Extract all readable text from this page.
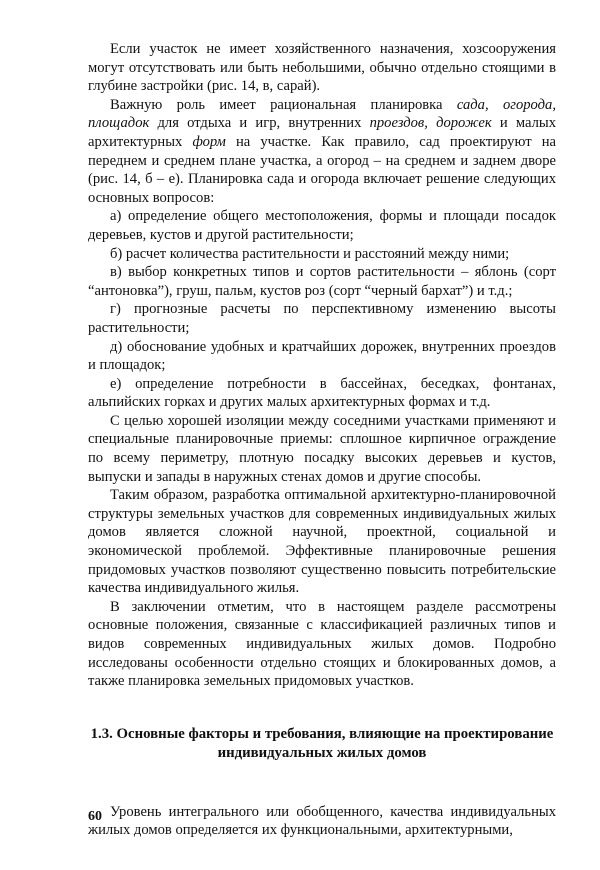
Если участок не имеет хозяйственного назначения, хозсооружения могут отсутствовать или быть небольшими, обычно отдельно стоящими в глубине застройки (рис. 14, в, сарай).

Важную роль имеет рациональная планировка сада, огорода, площадок для отдыха и игр, внутренних проездов, дорожек и малых архитектурных форм на участке. Как правило, сад проектируют на переднем и среднем плане участка, а огород – на среднем и заднем дворе (рис. 14, б – е). Планировка сада и огорода включает решение следующих основных вопросов:

а) определение общего местоположения, формы и площади посадок деревьев, кустов и другой растительности;

б) расчет количества растительности и расстояний между ними;

в) выбор конкретных типов и сортов растительности – яблонь (сорт “антоновка”), груш, пальм, кустов роз (сорт “черный бархат”) и т.д.;

г) прогнозные расчеты по перспективному изменению высоты растительности;

д) обоснование удобных и кратчайших дорожек, внутренних проездов и площадок;

е) определение потребности в бассейнах, беседках, фонтанах, альпийских горках и других малых архитектурных формах и т.д.

С целью хорошей изоляции между соседними участками применяют и специальные планировочные приемы: сплошное кирпичное ограждение по всему периметру, плотную посадку высоких деревьев и кустов, выпуски и запады в наружных стенах домов и другие способы.

Таким образом, разработка оптимальной архитектурно-планировочной структуры земельных участков для современных индивидуальных жилых домов является сложной научной, проектной, социальной и экономической проблемой. Эффективные планировочные решения придомовых участков позволяют существенно повысить потребительские качества индивидуального жилья.

В заключении отметим, что в настоящем разделе рассмотрены основные положения, связанные с классификацией различных типов и видов современных индивидуальных жилых домов. Подробно исследованы особенности отдельно стоящих и блокированных домов, а также планировка земельных придомовых участков.

1.3. Основные факторы и требования, влияющие на проектирование
индивидуальных жилых домов

Уровень интегрального или обобщенного, качества индивидуальных жилых домов определяется их функциональными, архитектурными,

60
